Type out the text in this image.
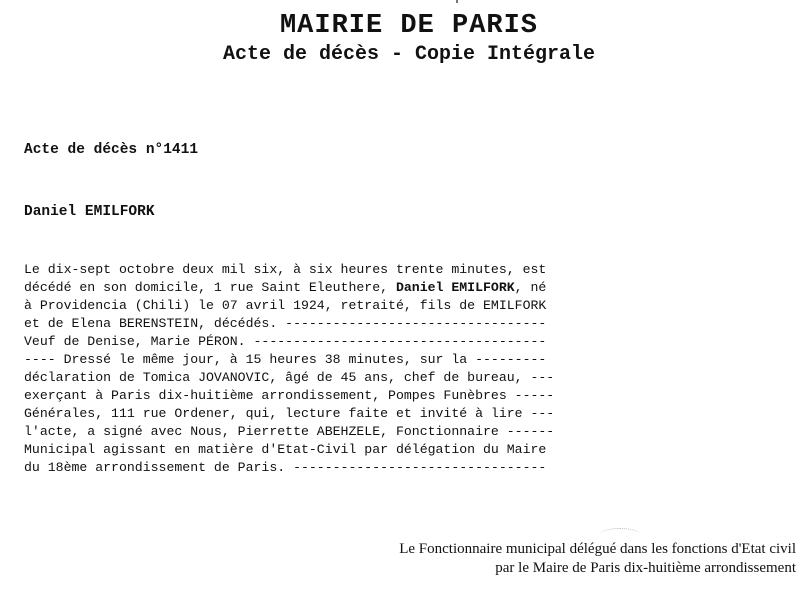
MAIRIE DE PARIS
Acte de décès - Copie Intégrale
Acte de décès n°1411
Daniel EMILFORK
Le dix-sept octobre deux mil six, à six heures trente minutes, est
décédé en son domicile, 1 rue Saint Eleuthere, Daniel EMILFORK, né
à Providencia (Chili) le 07 avril 1924, retraité, fils de EMILFORK
et de Elena BERENSTEIN, décédés. ---------------------------------
Veuf de Denise, Marie PÉRON. -------------------------------------
---- Dressé le même jour, à 15 heures 38 minutes, sur la ---------
déclaration de Tomica JOVANOVIC, âgé de 45 ans, chef de bureau, ---
exerçant à Paris dix-huitième arrondissement, Pompes Funèbres -----
Générales, 111 rue Ordener, qui, lecture faite et invité à lire ---
l'acte, a signé avec Nous, Pierrette ABEHZELE, Fonctionnaire ------
Municipal agissant en matière d'Etat-Civil par délégation du Maire
du 18ème arrondissement de Paris. --------------------------------
Le Fonctionnaire municipal délégué dans les fonctions d'Etat civil
par le Maire de Paris dix-huitième arrondissement
